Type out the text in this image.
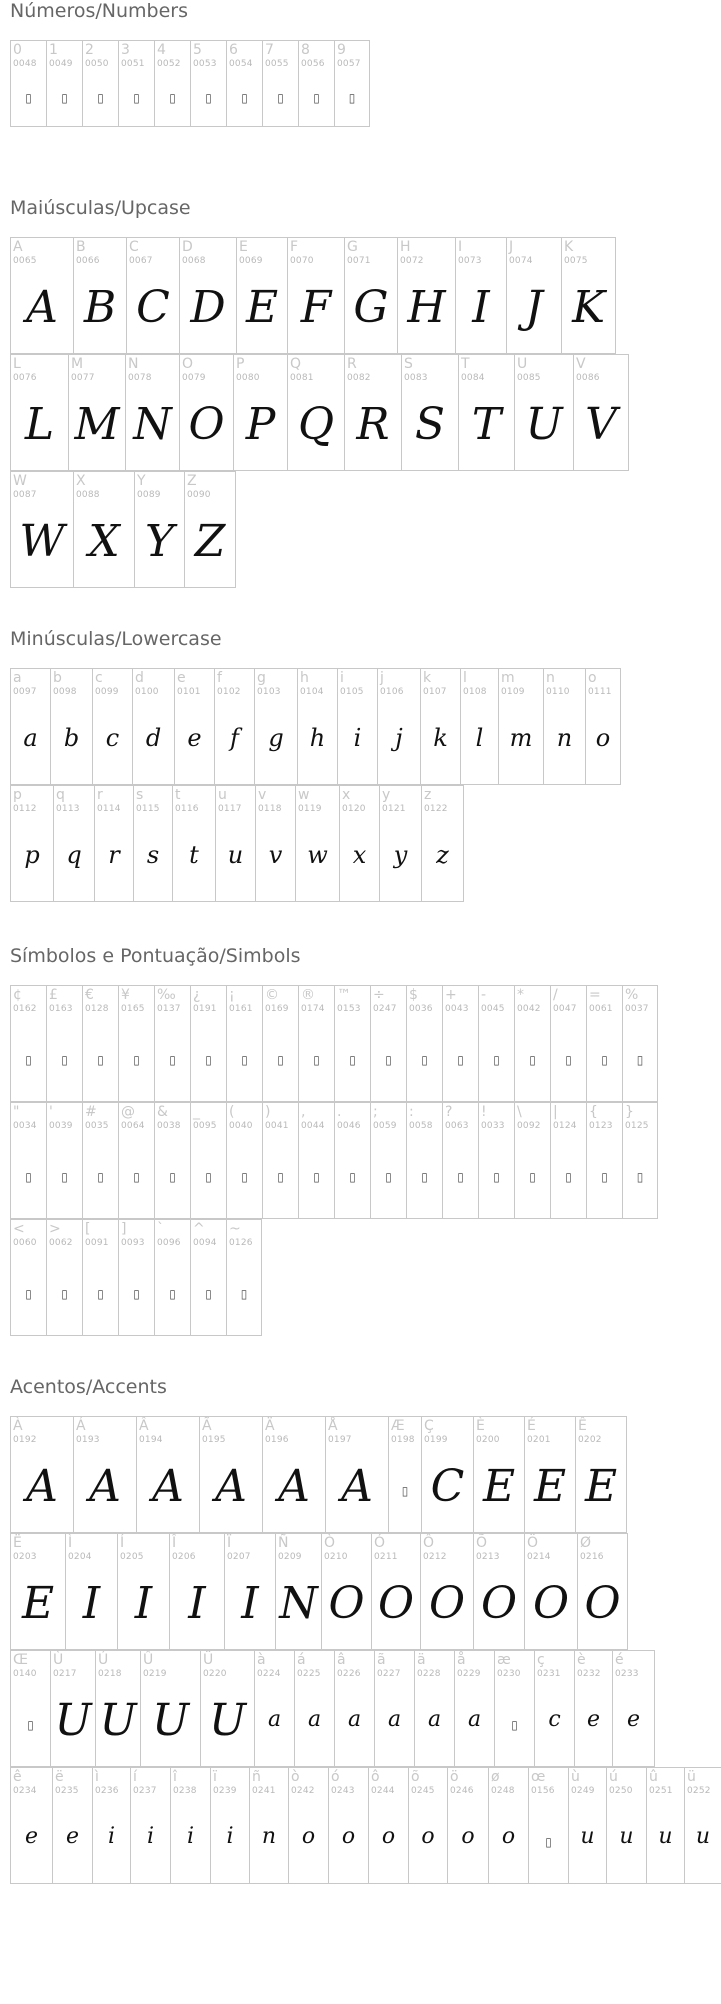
Números/Numbers
0
0048
▯
1
0049
▯
2
0050
▯
3
0051
▯
4
0052
▯
5
0053
▯
6
0054
▯
7
0055
▯
8
0056
▯
9
0057
▯
Maiúsculas/Upcase
A
0065
A
B
0066
B
C
0067
C
D
0068
D
E
0069
E
F
0070
F
G
0071
G
H
0072
H
I
0073
I
J
0074
J
K
0075
K
L
0076
L
M
0077
M
N
0078
N
O
0079
O
P
0080
P
Q
0081
Q
R
0082
R
S
0083
S
T
0084
T
U
0085
U
V
0086
V
W
0087
W
X
0088
X
Y
0089
Y
Z
0090
Z
Minúsculas/Lowercase
a
0097
a
b
0098
b
c
0099
c
d
0100
d
e
0101
e
f
0102
f
g
0103
g
h
0104
h
i
0105
i
j
0106
j
k
0107
k
l
0108
l
m
0109
m
n
0110
n
o
0111
o
p
0112
p
q
0113
q
r
0114
r
s
0115
s
t
0116
t
u
0117
u
v
0118
v
w
0119
w
x
0120
x
y
0121
y
z
0122
z
Símbolos e Pontuação/Simbols
¢
0162
▯
£
0163
▯
€
0128
▯
¥
0165
▯
‰
0137
▯
¿
0191
▯
¡
0161
▯
©
0169
▯
®
0174
▯
™
0153
▯
÷
0247
▯
$
0036
▯
+
0043
▯
-
0045
▯
*
0042
▯
/
0047
▯
=
0061
▯
%
0037
▯
"
0034
▯
'
0039
▯
#
0035
▯
@
0064
▯
&
0038
▯
_
0095
▯
(
0040
▯
)
0041
▯
,
0044
▯
.
0046
▯
;
0059
▯
:
0058
▯
?
0063
▯
!
0033
▯
\
0092
▯
|
0124
▯
{
0123
▯
}
0125
▯
<
0060
▯
>
0062
▯
[
0091
▯
]
0093
▯
`
0096
▯
^
0094
▯
~
0126
▯
Acentos/Accents
À
0192
A
Á
0193
A
Â
0194
A
Ã
0195
A
Ä
0196
A
Å
0197
A
Æ
0198
▯
Ç
0199
C
È
0200
E
É
0201
E
Ê
0202
E
Ë
0203
E
Ì
0204
I
Í
0205
I
Î
0206
I
Ï
0207
I
Ñ
0209
N
Ò
0210
O
Ó
0211
O
Ô
0212
O
Õ
0213
O
Ö
0214
O
Ø
0216
O
Œ
0140
▯
Ù
0217
U
Ú
0218
U
Û
0219
U
Ü
0220
U
à
0224
a
á
0225
a
â
0226
a
ã
0227
a
ä
0228
a
å
0229
a
æ
0230
▯
ç
0231
c
è
0232
e
é
0233
e
ê
0234
e
ë
0235
e
ì
0236
i
í
0237
i
î
0238
i
ï
0239
i
ñ
0241
n
ò
0242
o
ó
0243
o
ô
0244
o
õ
0245
o
ö
0246
o
ø
0248
o
œ
0156
▯
ù
0249
u
ú
0250
u
û
0251
u
ü
0252
u
